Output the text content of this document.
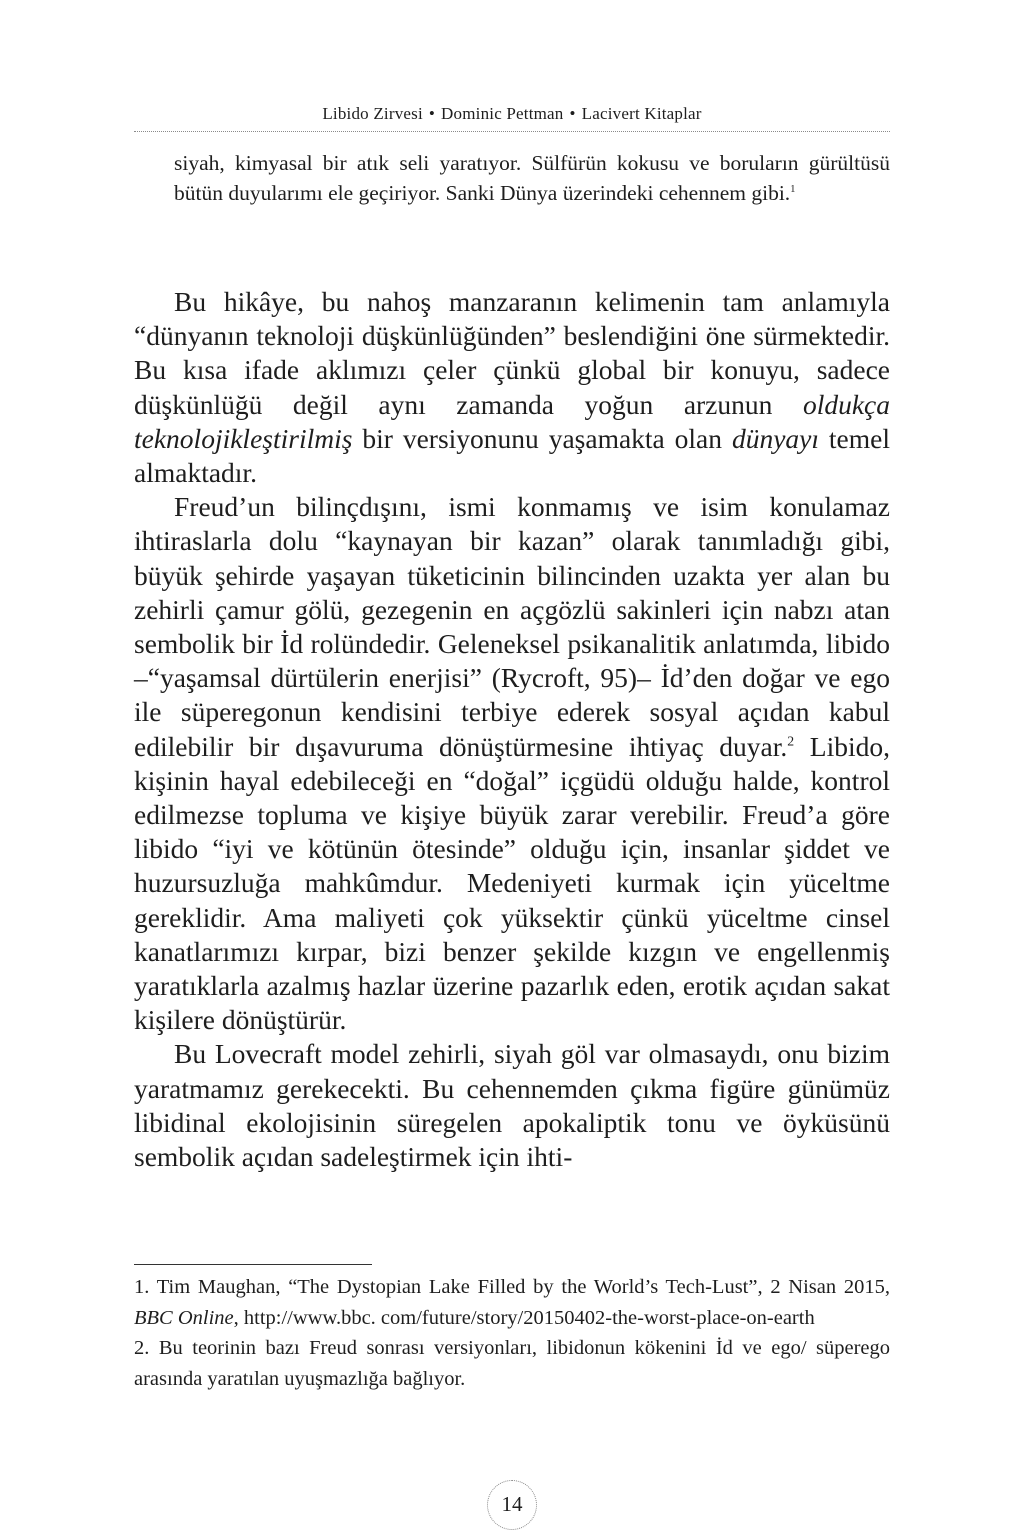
Libido Zirvesi • Dominic Pettman • Lacivert Kitaplar
siyah, kimyasal bir atık seli yaratıyor. Sülfürün kokusu ve boruların gürültüsü bütün duyularımı ele geçiriyor. Sanki Dünya üzerindeki cehennem gibi.$^1$

Bu hikâye, bu nahoş manzaranın kelimenin tam anlamıyla “dünyanın teknoloji düşkünlüğünden” beslendiğini öne sürmektedir. Bu kısa ifade aklımızı çeler çünkü global bir konuyu, sadece düşkünlüğü değil aynı zamanda yoğun arzunun oldukça teknolojikleştirilmiş bir versiyonunu yaşamakta olan dünyayı temel almaktadır.

Freud’un bilinçdışını, ismi konmamış ve isim konulamaz ihtiraslarla dolu “kaynayan bir kazan” olarak tanımladığı gibi, büyük şehirde yaşayan tüketicinin bilincinden uzakta yer alan bu zehirli çamur gölü, gezegenin en açgözlü sakinleri için nabzı atan sembolik bir İd rolündedir. Geleneksel psikanalitik anlatımda, libido –“yaşamsal dürtülerin enerjisi” (Rycroft, 95)– İd’den doğar ve ego ile süperegonun kendisini terbiye ederek sosyal açıdan kabul edilebilir bir dışavuruma dönüştürmesine ihtiyaç duyar.$^2$ Libido, kişinin hayal edebileceği en “doğal” içgüdü olduğu halde, kontrol edilmezse topluma ve kişiye büyük zarar verebilir. Freud’a göre libido “iyi ve kötünün ötesinde” olduğu için, insanlar şiddet ve huzursuzluğa mahkûmdur. Medeniyeti kurmak için yüceltme gereklidir. Ama maliyeti çok yüksektir çünkü yüceltme cinsel kanatlarımızı kırpar, bizi benzer şekilde kızgın ve engellenmiş yaratıklarla azalmış hazlar üzerine pazarlık eden, erotik açıdan sakat kişilere dönüştürür.

Bu Lovecraft model zehirli, siyah göl var olmasaydı, onu bizim yaratmamız gerekecekti. Bu cehennemden çıkma figüre günümüz libidinal ekolojisinin süregelen apokaliptik tonu ve öyküsünü sembolik açıdan sadeleştirmek için ihti-

1. Tim Maughan, “The Dystopian Lake Filled by the World’s Tech-Lust”, 2 Nisan 2015, BBC Online, http://www.bbc. com/future/story/20150402-the-worst-place-on-earth

2. Bu teorinin bazı Freud sonrası versiyonları, libidonun kökenini İd ve ego/ süperego arasında yaratılan uyuşmazlığa bağlıyor.

14
